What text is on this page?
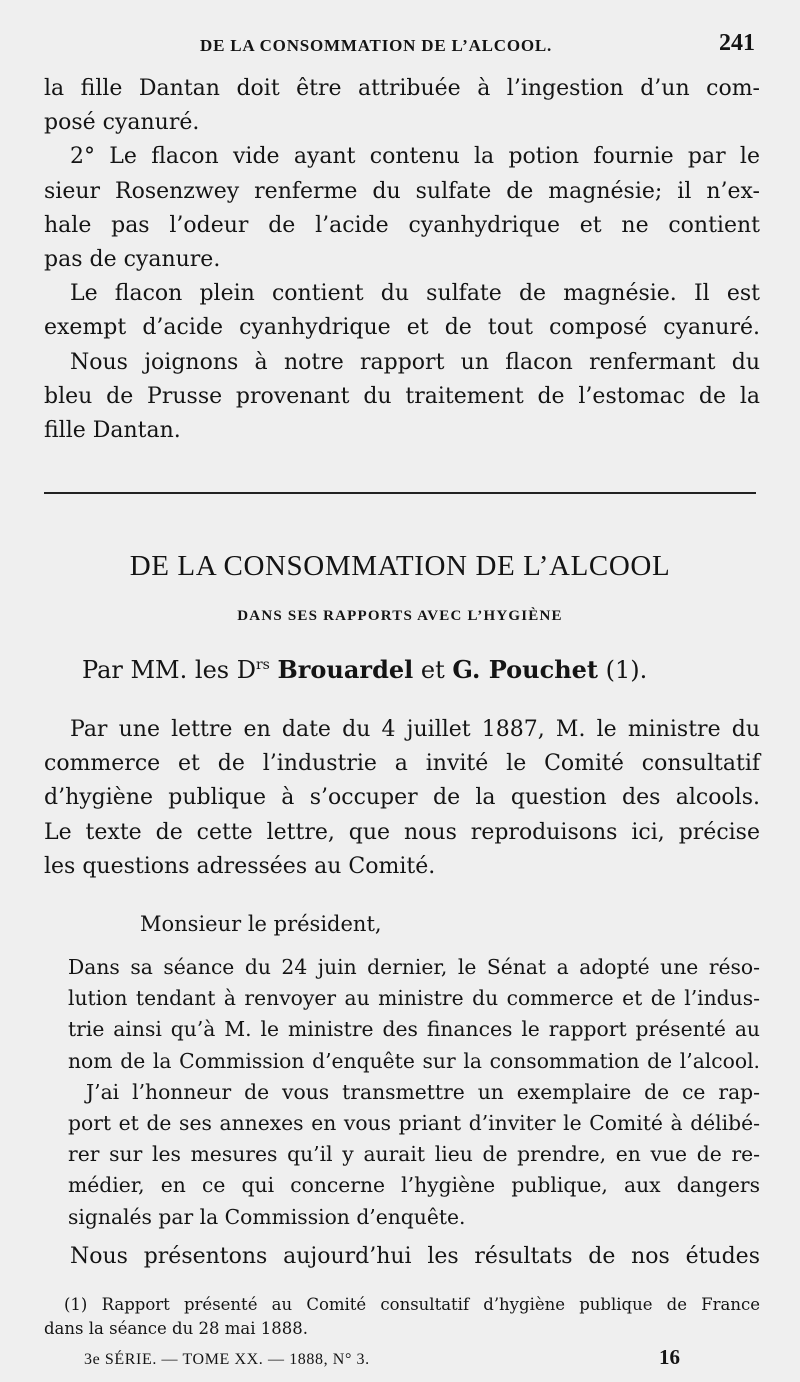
DE LA CONSOMMATION DE L’ALCOOL.	241
la fille Dantan doit être attribuée à l’ingestion d’un com-
posé cyanuré.
2° Le flacon vide ayant contenu la potion fournie par le
sieur Rosenzwey renferme du sulfate de magnésie; il n’ex-
hale pas l’odeur de l’acide cyanhydrique et ne contient
pas de cyanure.
Le flacon plein contient du sulfate de magnésie. Il est
exempt d’acide cyanhydrique et de tout composé cyanuré.
Nous joignons à notre rapport un flacon renfermant du
bleu de Prusse provenant du traitement de l’estomac de la
fille Dantan.
DE LA CONSOMMATION DE L’ALCOOL
DANS SES RAPPORTS AVEC L’HYGIÈNE
Par MM. les $D^{rs}$ Brouardel et G. Pouchet (1).
Par une lettre en date du 4 juillet 1887, M. le ministre du
commerce et de l’industrie a invité le Comité consultatif
d’hygiène publique à s’occuper de la question des alcools.
Le texte de cette lettre, que nous reproduisons ici, précise
les questions adressées au Comité.
Monsieur le président,
Dans sa séance du 24 juin dernier, le Sénat a adopté une réso-
lution tendant à renvoyer au ministre du commerce et de l’indus-
trie ainsi qu’à M. le ministre des finances le rapport présenté au
nom de la Commission d’enquête sur la consommation de l’alcool.
J’ai l’honneur de vous transmettre un exemplaire de ce rap-
port et de ses annexes en vous priant d’inviter le Comité à délibé-
rer sur les mesures qu’il y aurait lieu de prendre, en vue de re-
médier, en ce qui concerne l’hygiène publique, aux dangers
signalés par la Commission d’enquête.
Nous présentons aujourd’hui les résultats de nos études
(1) Rapport présenté au Comité consultatif d’hygiène publique de France
dans la séance du 28 mai 1888.
3e SÉRIE. — TOME XX. — 1888, N° 3.	16
